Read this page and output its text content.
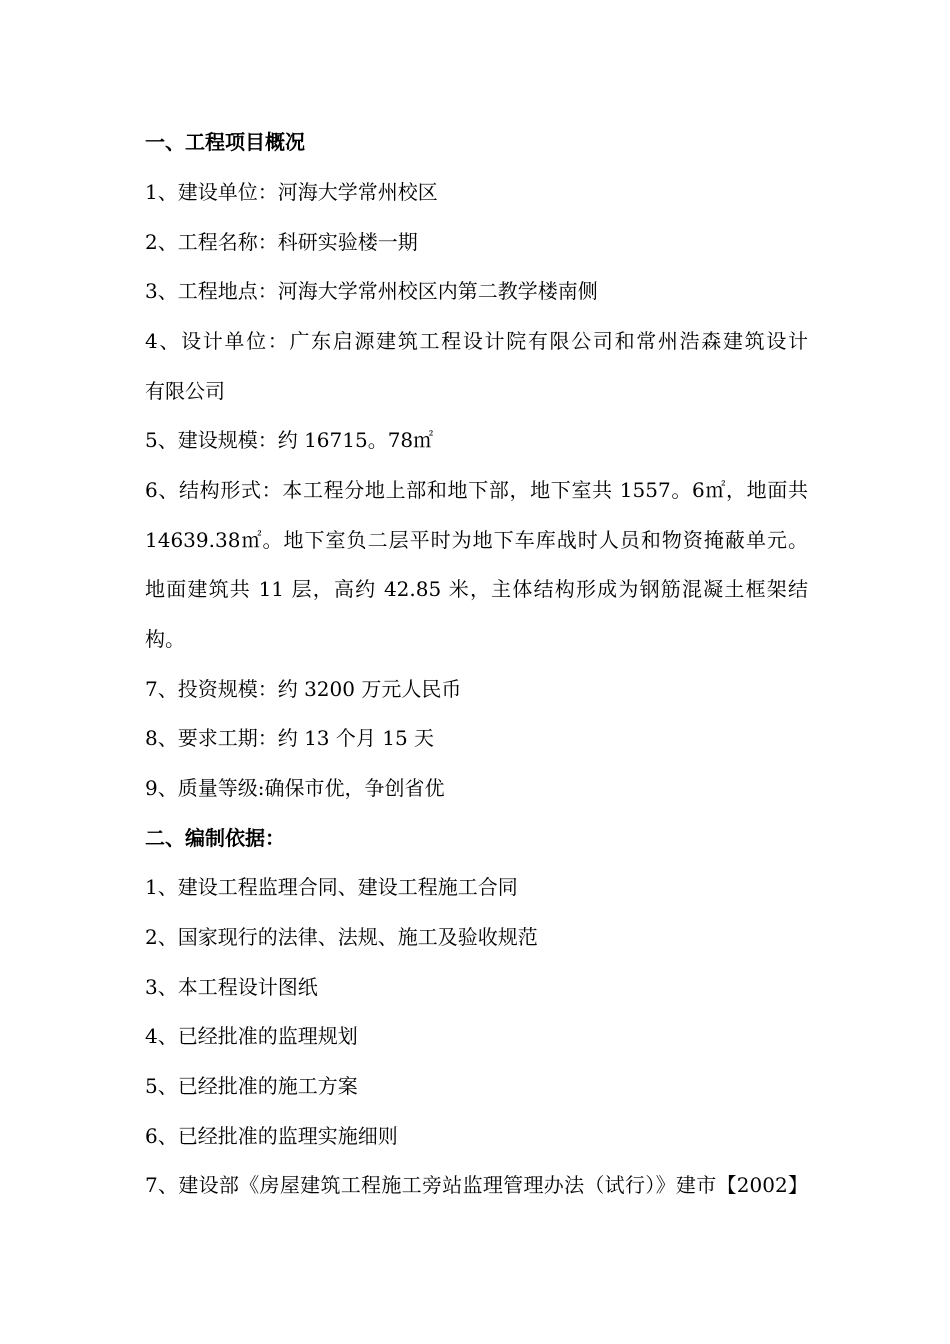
一、工程项目概况
1、建设单位：河海大学常州校区
2、工程名称：科研实验楼一期
3、工程地点：河海大学常州校区内第二教学楼南侧
4、设计单位：广东启源建筑工程设计院有限公司和常州浩森建筑设计
有限公司
5、建设规模：约 16715。78㎡
6、结构形式：本工程分地上部和地下部，地下室共 1557。6㎡，地面共
14639.38㎡。地下室负二层平时为地下车库战时人员和物资掩蔽单元。
地面建筑共 11 层，高约 42.85 米，主体结构形成为钢筋混凝土框架结
构。
7、投资规模：约 3200 万元人民币
8、要求工期：约 13 个月 15 天
9、质量等级:确保市优，争创省优
二、编制依据：
1、建设工程监理合同、建设工程施工合同
2、国家现行的法律、法规、施工及验收规范
3、本工程设计图纸
4、已经批准的监理规划
5、已经批准的施工方案
6、已经批准的监理实施细则
7、建设部《房屋建筑工程施工旁站监理管理办法（试行）》建市【2002】
